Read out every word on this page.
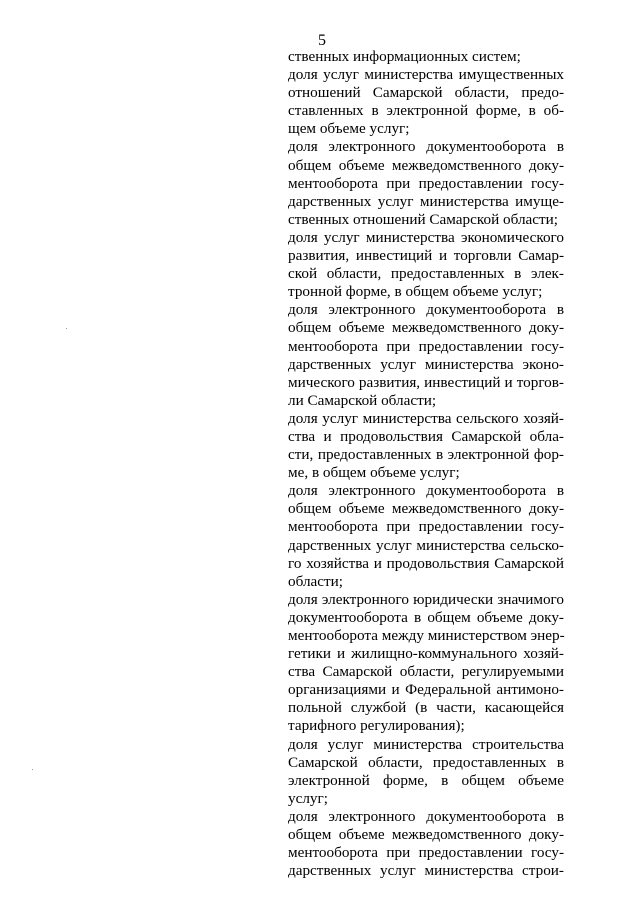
5
ственных информационных систем;
доля услуг министерства имущественных
отношений Самарской области, предо-
ставленных в электронной форме, в об-
щем объеме услуг;
доля электронного документооборота в
общем объеме межведомственного доку-
ментооборота при предоставлении госу-
дарственных услуг министерства имуще-
ственных отношений Самарской области;
доля услуг министерства экономического
развития, инвестиций и торговли Самар-
ской области, предоставленных в элек-
тронной форме, в общем объеме услуг;
доля электронного документооборота в
общем объеме межведомственного доку-
ментооборота при предоставлении госу-
дарственных услуг министерства эконо-
мического развития, инвестиций и торгов-
ли Самарской области;
доля услуг министерства сельского хозяй-
ства и продовольствия Самарской обла-
сти, предоставленных в электронной фор-
ме, в общем объеме услуг;
доля электронного документооборота в
общем объеме межведомственного доку-
ментооборота при предоставлении госу-
дарственных услуг министерства сельско-
го хозяйства и продовольствия Самарской
области;
доля электронного юридически значимого
документооборота в общем объеме доку-
ментооборота между министерством энер-
гетики и жилищно-коммунального хозяй-
ства Самарской области, регулируемыми
организациями и Федеральной антимоно-
польной службой (в части, касающейся
тарифного регулирования);
доля услуг министерства строительства
Самарской области, предоставленных в
электронной форме, в общем объеме
услуг;
доля электронного документооборота в
общем объеме межведомственного доку-
ментооборота при предоставлении госу-
дарственных услуг министерства строи-
